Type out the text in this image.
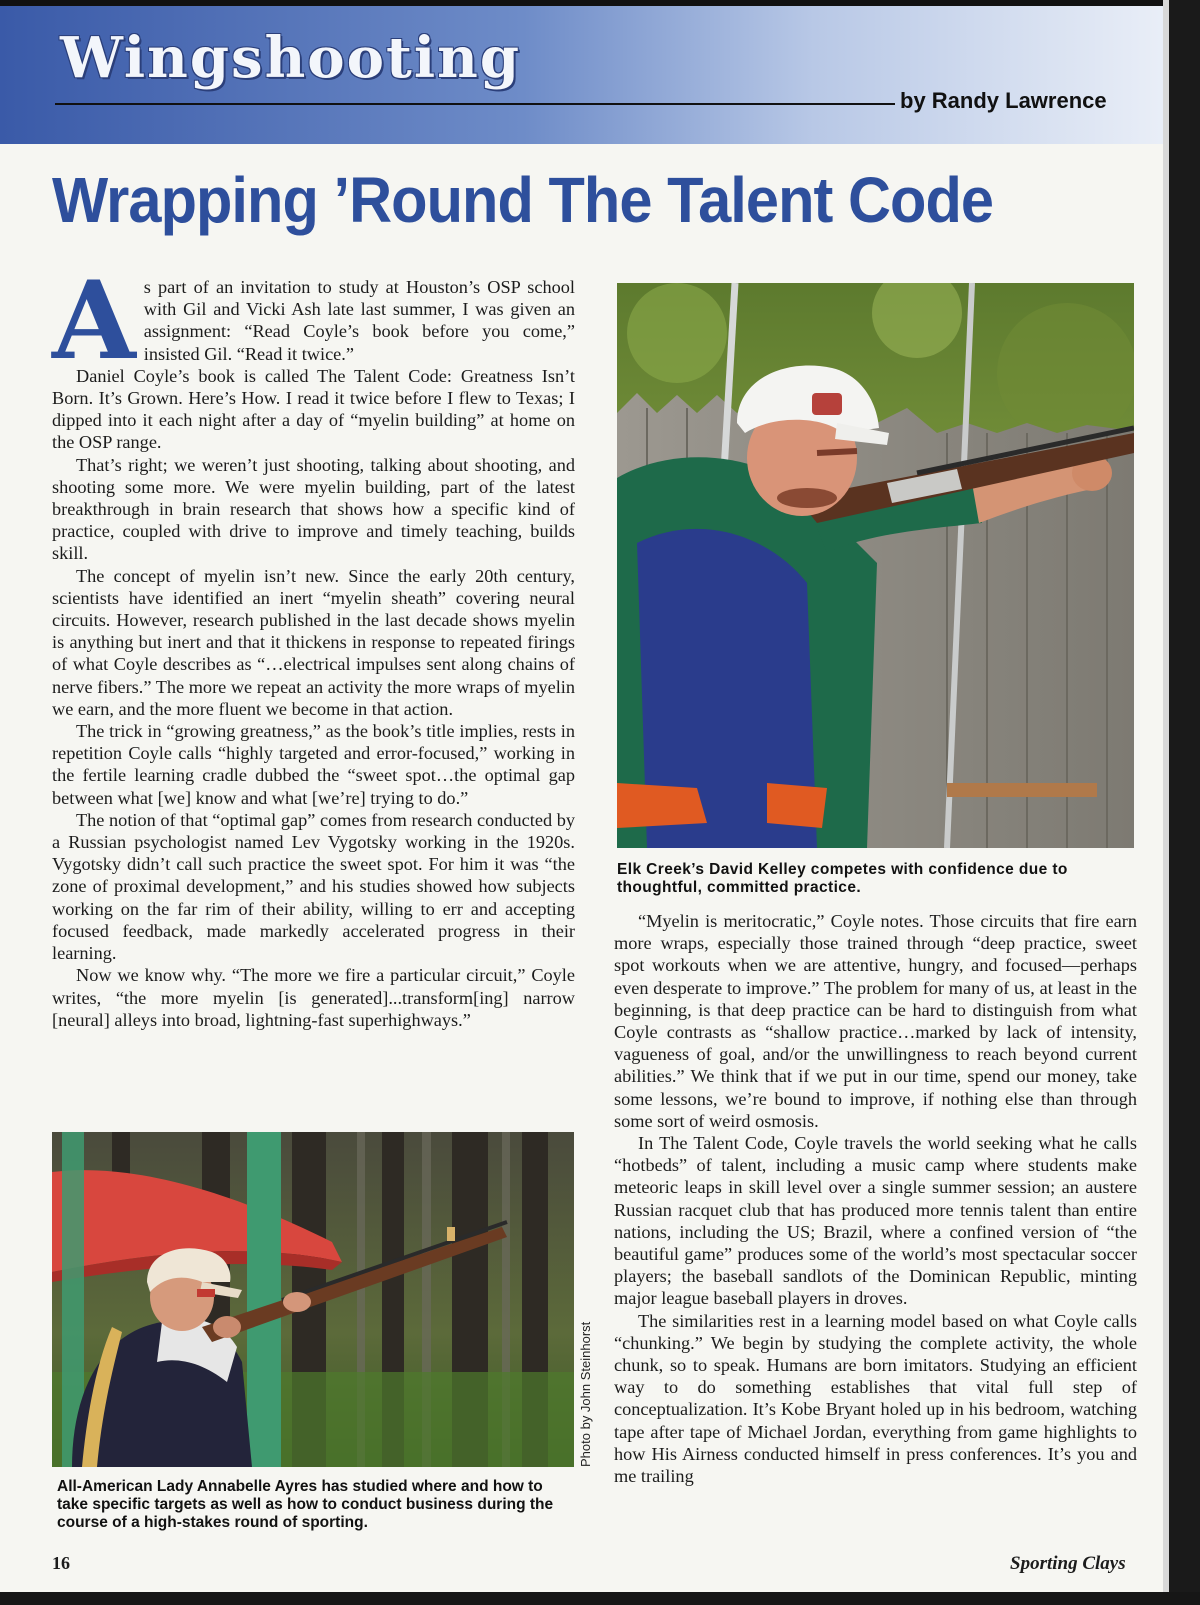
Wingshooting
by Randy Lawrence
Wrapping ’Round The Talent Code

As part of an invitation to study at Houston’s OSP school with Gil and Vicki Ash late last summer, I was given an assignment: “Read Coyle’s book before you come,” insisted Gil. “Read it twice.”

Daniel Coyle’s book is called The Talent Code: Greatness Isn’t Born. It’s Grown. Here’s How. I read it twice before I flew to Texas; I dipped into it each night after a day of “myelin building” at home on the OSP range.

That’s right; we weren’t just shooting, talking about shooting, and shooting some more. We were myelin building, part of the latest breakthrough in brain research that shows how a specific kind of practice, coupled with drive to improve and timely teaching, builds skill.

The concept of myelin isn’t new. Since the early 20th century, scientists have identified an inert “myelin sheath” covering neural circuits. However, research published in the last decade shows myelin is anything but inert and that it thickens in response to repeated firings of what Coyle describes as “…electrical impulses sent along chains of nerve fibers.” The more we repeat an activity the more wraps of myelin we earn, and the more fluent we become in that action.

The trick in “growing greatness,” as the book’s title implies, rests in repetition Coyle calls “highly targeted and error-focused,” working in the fertile learning cradle dubbed the “sweet spot…the optimal gap between what [we] know and what [we’re] trying to do.”

The notion of that “optimal gap” comes from research conducted by a Russian psychologist named Lev Vygotsky working in the 1920s. Vygotsky didn’t call such practice the sweet spot. For him it was “the zone of proximal development,” and his studies showed how subjects working on the far rim of their ability, willing to err and accepting focused feedback, made markedly accelerated progress in their learning.

Now we know why. “The more we fire a particular circuit,” Coyle writes, “the more myelin [is generated]...transform[ing] narrow [neural] alleys into broad, lightning-fast superhighways.”

Elk Creek’s David Kelley competes with confidence due to thoughtful, committed practice.

“Myelin is meritocratic,” Coyle notes. Those circuits that fire earn more wraps, especially those trained through “deep practice, sweet spot workouts when we are attentive, hungry, and focused—perhaps even desperate to improve.” The problem for many of us, at least in the beginning, is that deep practice can be hard to distinguish from what Coyle contrasts as “shallow practice…marked by lack of intensity, vagueness of goal, and/or the unwillingness to reach beyond current abilities.” We think that if we put in our time, spend our money, take some lessons, we’re bound to improve, if nothing else than through some sort of weird osmosis.

In The Talent Code, Coyle travels the world seeking what he calls “hotbeds” of talent, including a music camp where students make meteoric leaps in skill level over a single summer session; an austere Russian racquet club that has produced more tennis talent than entire nations, including the US; Brazil, where a confined version of “the beautiful game” produces some of the world’s most spectacular soccer players; the baseball sandlots of the Dominican Republic, minting major league baseball players in droves.

The similarities rest in a learning model based on what Coyle calls “chunking.” We begin by studying the complete activity, the whole chunk, so to speak. Humans are born imitators. Studying an efficient way to do something establishes that vital full step of conceptualization. It’s Kobe Bryant holed up in his bedroom, watching tape after tape of Michael Jordan, everything from game highlights to how His Airness conducted himself in press conferences. It’s you and me trailing

Photo by John Steinhorst
All-American Lady Annabelle Ayres has studied where and how to take specific targets as well as how to conduct business during the course of a high-stakes round of sporting.
16	Sporting Clays
